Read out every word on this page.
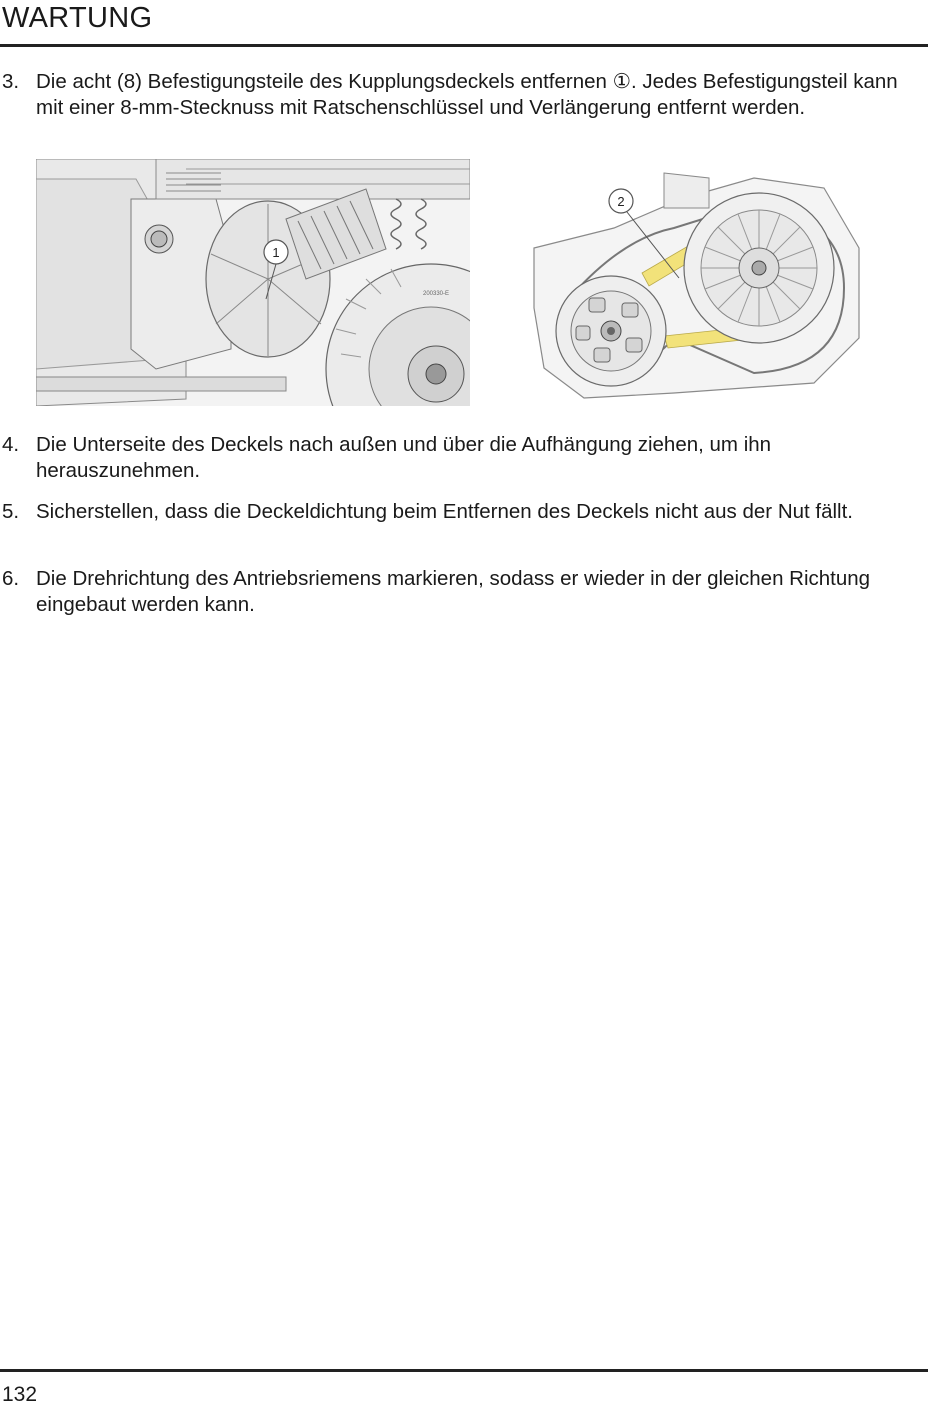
WARTUNG
3. Die acht (8) Befestigungsteile des Kupplungsdeckels entfernen ①. Jedes Befestigungsteil kann mit einer 8-mm-Stecknuss mit Ratschenschlüssel und Verlängerung entfernt werden.
1
200330-E
2
4. Die Unterseite des Deckels nach außen und über die Aufhängung ziehen, um ihn herauszunehmen.
5. Sicherstellen, dass die Deckeldichtung beim Entfernen des Deckels nicht aus der Nut fällt.
6. Die Drehrichtung des Antriebsriemens markieren, sodass er wieder in der gleichen Richtung eingebaut werden kann.
132
